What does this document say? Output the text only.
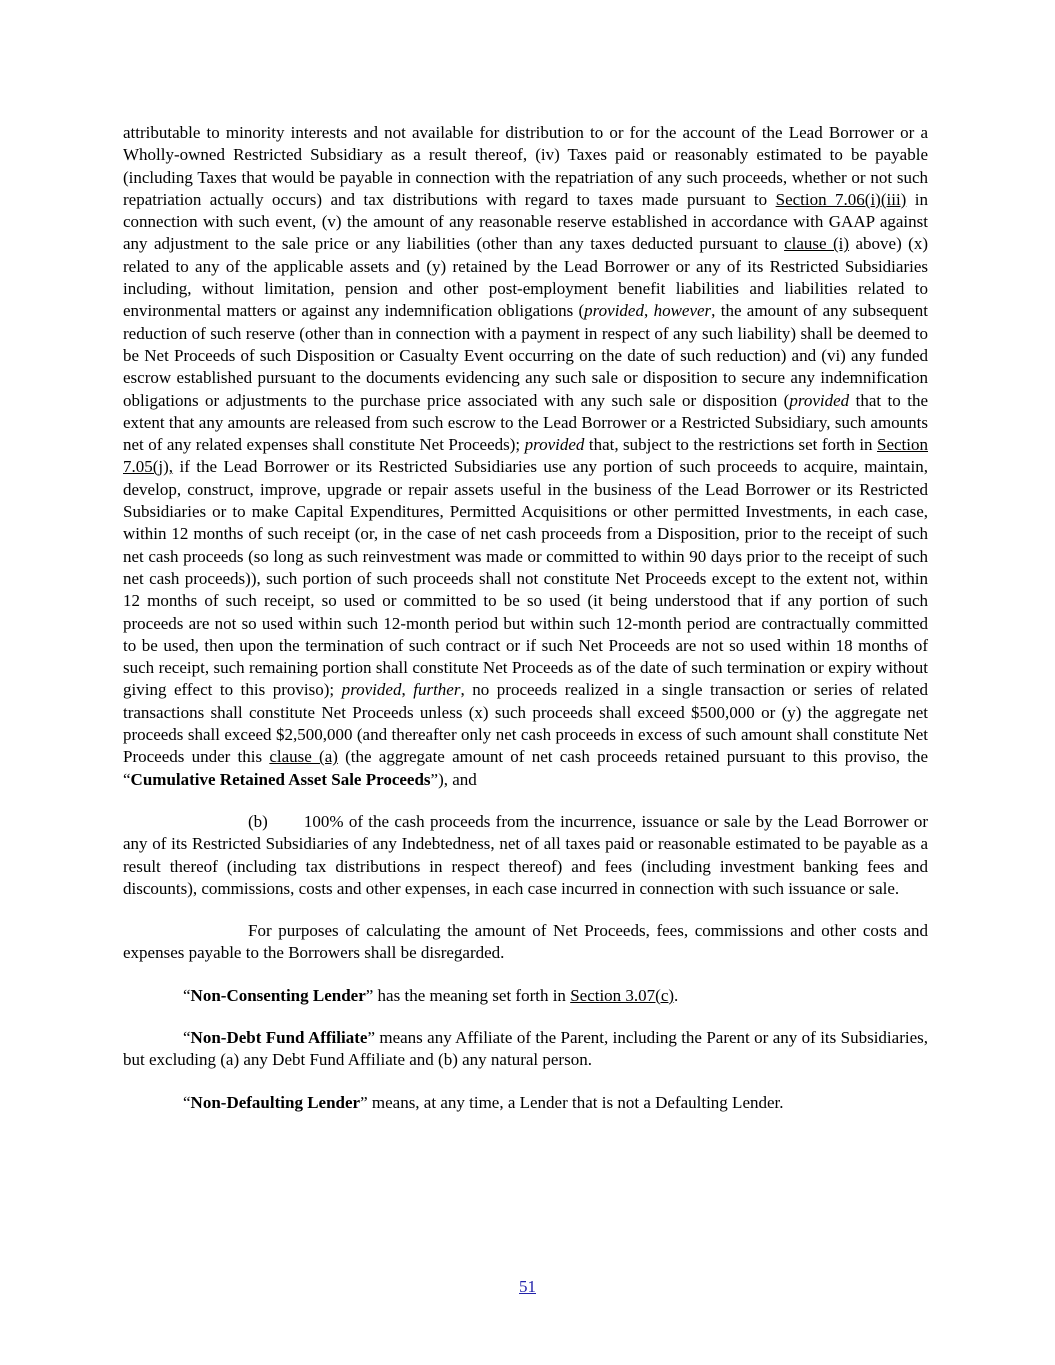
attributable to minority interests and not available for distribution to or for the account of the Lead Borrower or a Wholly-owned Restricted Subsidiary as a result thereof, (iv) Taxes paid or reasonably estimated to be payable (including Taxes that would be payable in connection with the repatriation of any such proceeds, whether or not such repatriation actually occurs) and tax distributions with regard to taxes made pursuant to Section 7.06(i)(iii) in connection with such event, (v) the amount of any reasonable reserve established in accordance with GAAP against any adjustment to the sale price or any liabilities (other than any taxes deducted pursuant to clause (i) above) (x) related to any of the applicable assets and (y) retained by the Lead Borrower or any of its Restricted Subsidiaries including, without limitation, pension and other post-employment benefit liabilities and liabilities related to environmental matters or against any indemnification obligations (provided, however, the amount of any subsequent reduction of such reserve (other than in connection with a payment in respect of any such liability) shall be deemed to be Net Proceeds of such Disposition or Casualty Event occurring on the date of such reduction) and (vi) any funded escrow established pursuant to the documents evidencing any such sale or disposition to secure any indemnification obligations or adjustments to the purchase price associated with any such sale or disposition (provided that to the extent that any amounts are released from such escrow to the Lead Borrower or a Restricted Subsidiary, such amounts net of any related expenses shall constitute Net Proceeds); provided that, subject to the restrictions set forth in Section 7.05(j), if the Lead Borrower or its Restricted Subsidiaries use any portion of such proceeds to acquire, maintain, develop, construct, improve, upgrade or repair assets useful in the business of the Lead Borrower or its Restricted Subsidiaries or to make Capital Expenditures, Permitted Acquisitions or other permitted Investments, in each case, within 12 months of such receipt (or, in the case of net cash proceeds from a Disposition, prior to the receipt of such net cash proceeds (so long as such reinvestment was made or committed to within 90 days prior to the receipt of such net cash proceeds)), such portion of such proceeds shall not constitute Net Proceeds except to the extent not, within 12 months of such receipt, so used or committed to be so used (it being understood that if any portion of such proceeds are not so used within such 12-month period but within such 12-month period are contractually committed to be used, then upon the termination of such contract or if such Net Proceeds are not so used within 18 months of such receipt, such remaining portion shall constitute Net Proceeds as of the date of such termination or expiry without giving effect to this proviso); provided, further, no proceeds realized in a single transaction or series of related transactions shall constitute Net Proceeds unless (x) such proceeds shall exceed $500,000 or (y) the aggregate net proceeds shall exceed $2,500,000 (and thereafter only net cash proceeds in excess of such amount shall constitute Net Proceeds under this clause (a) (the aggregate amount of net cash proceeds retained pursuant to this proviso, the “Cumulative Retained Asset Sale Proceeds”), and

(b) 100% of the cash proceeds from the incurrence, issuance or sale by the Lead Borrower or any of its Restricted Subsidiaries of any Indebtedness, net of all taxes paid or reasonable estimated to be payable as a result thereof (including tax distributions in respect thereof) and fees (including investment banking fees and discounts), commissions, costs and other expenses, in each case incurred in connection with such issuance or sale.

For purposes of calculating the amount of Net Proceeds, fees, commissions and other costs and expenses payable to the Borrowers shall be disregarded.

“Non-Consenting Lender” has the meaning set forth in Section 3.07(c).

“Non-Debt Fund Affiliate” means any Affiliate of the Parent, including the Parent or any of its Subsidiaries, but excluding (a) any Debt Fund Affiliate and (b) any natural person.

“Non-Defaulting Lender” means, at any time, a Lender that is not a Defaulting Lender.

51
